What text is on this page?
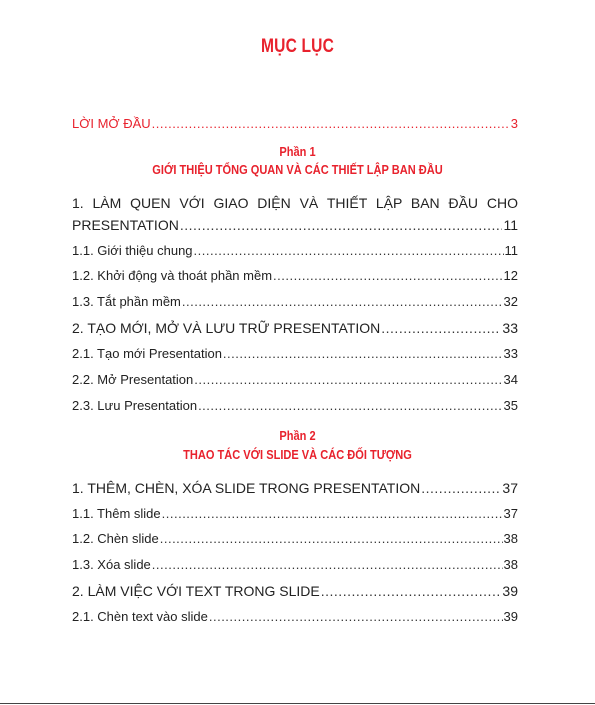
MỤC LỤC
LỜI MỞ ĐẦU .....	3
Phần 1
GIỚI THIỆU TỔNG QUAN VÀ CÁC THIẾT LẬP BAN ĐẦU
1. LÀM QUEN VỚI GIAO DIỆN VÀ THIẾT LẬP BAN ĐẦU CHO
PRESENTATION .....	11
1.1. Giới thiệu chung .....	11
1.2. Khởi động và thoát phần mềm .....	12
1.3. Tắt phần mềm .....	32
2. TẠO MỚI, MỞ VÀ LƯU TRỮ PRESENTATION .....	33
2.1. Tạo mới Presentation .....	33
2.2. Mở Presentation .....	34
2.3. Lưu Presentation .....	35
Phần 2
THAO TÁC VỚI SLIDE VÀ CÁC ĐỐI TƯỢNG
1. THÊM, CHÈN, XÓA SLIDE TRONG PRESENTATION .....	37
1.1. Thêm slide .....	37
1.2. Chèn slide .....	38
1.3. Xóa slide .....	38
2. LÀM VIỆC VỚI TEXT TRONG SLIDE .....	39
2.1. Chèn text vào slide .....	39
